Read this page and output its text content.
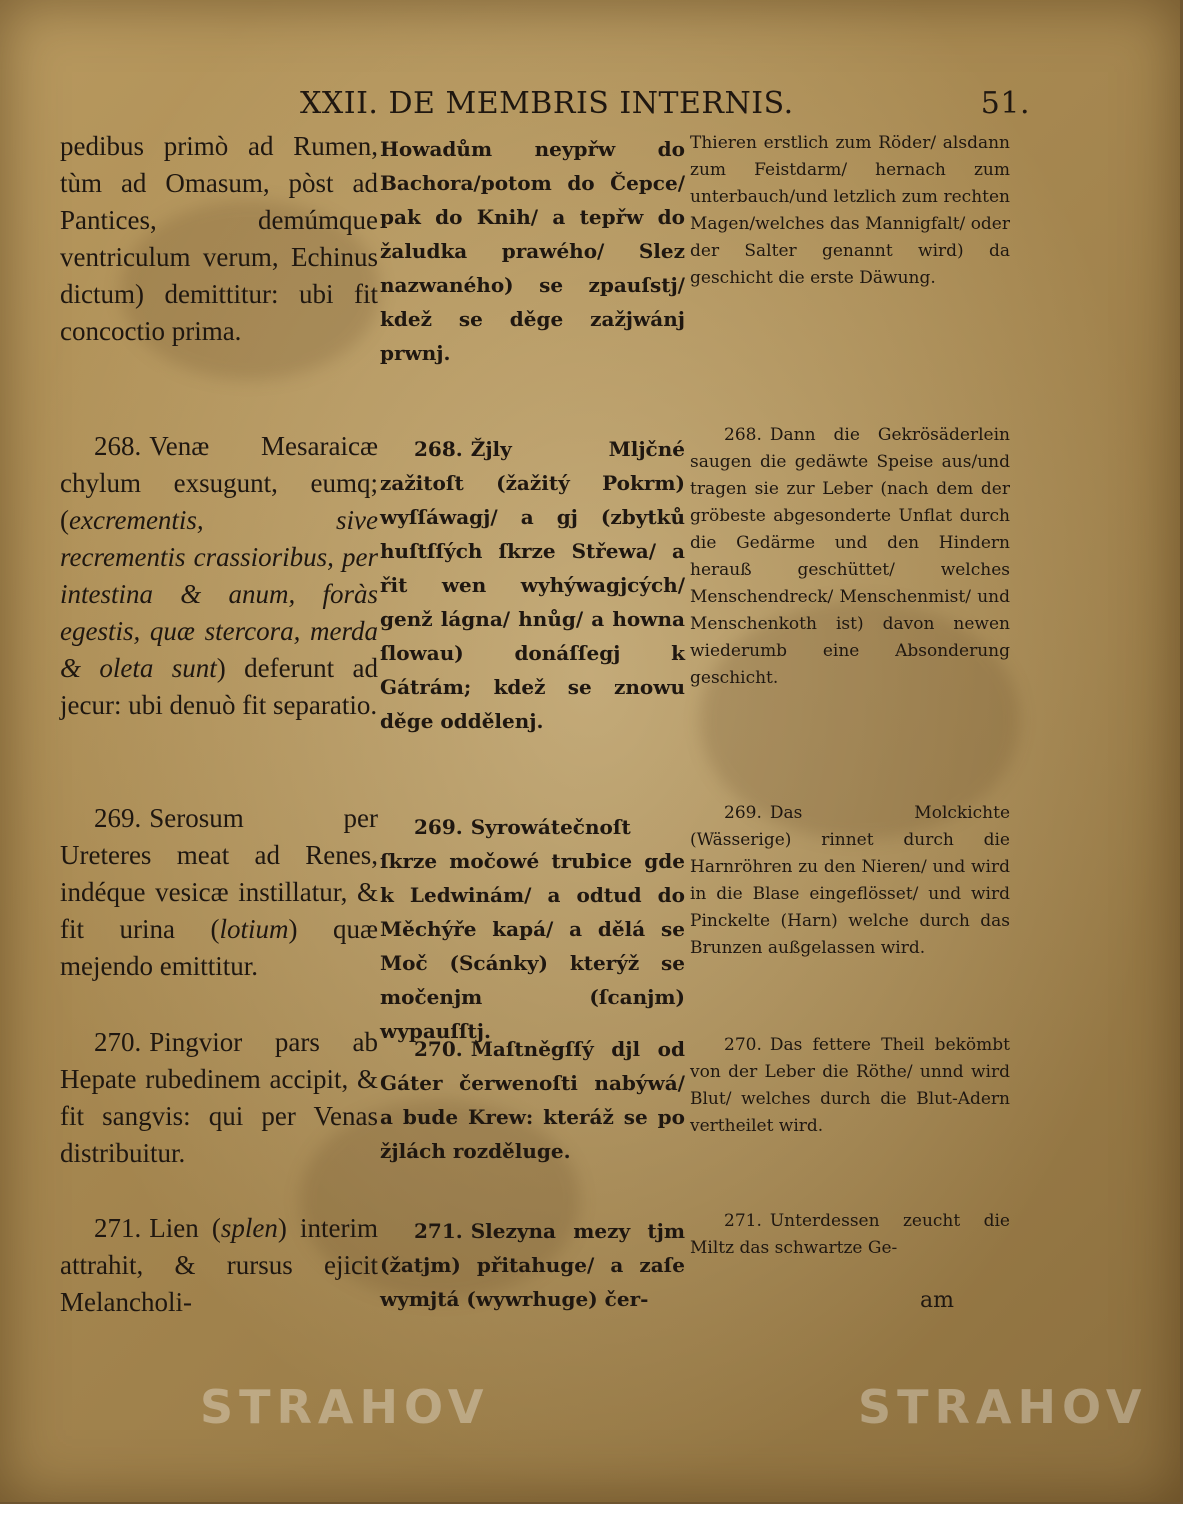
XXII. DE MEMBRIS INTERNIS.	51.

pedibus primò ad Rumen, tùm ad Omasum, pòst ad Pantices, demúmque ventriculum verum, Echinus dictum) demittitur: ubi fit concoctio prima.

268. Venæ Mesaraicæ chylum exsugunt, eumq; (excrementis, sive recrementis crassioribus, per intestina & anum, foràs egestis, quæ stercora, merda & oleta sunt) deferunt ad jecur: ubi denuò fit separatio.

269. Serosum per Ureteres meat ad Renes, indéque vesicæ instillatur, & fit urina (lotium) quæ mejendo emittitur.

270. Pingvior pars ab Hepate rubedinem accipit, & fit sangvis: qui per Venas distribuitur.

271. Lien (splen) interim attrahit, & rursus ejicit Melancholi-

Howadům neypřw do Bachora/potom do Čepce/ pak do Knih/ a tepřw do žaludka prawého/ Slez nazwaného) se zpauſstj/ kdež se děge zažjwánj prwnj.

268. Žjly Mljčné zažitoſt (žažitý Pokrm) wyſſáwagj/ a gj (zbytků huſtſſých ſkrze Střewa/ a řit wen wyhýwagjcých/ genž lágna/ hnůg/ a howna ſlowau) donáſſegj k Gátrám; kdež se znowu děge oddělenj.

269. Syrowátečnoſt ſkrze močowé trubice gde k Ledwinám/ a odtud do Měchýře kapá/ a dělá se Moč (Scánky) kterýž se močenjm (ſcanjm) wypauſſtj.

270. Maſtněgſſý djl od Gáter čerwenoſti nabýwá/ a bude Krew: kteráž se po žjlách rozděluge.

271. Slezyna mezy tjm (žatjm) přitahuge/ a zaſe wymjtá (wywrhuge) čer-

Thieren erstlich zum Röder/ alsdann zum Feistdarm/ hernach zum unterbauch/und letzlich zum rechten Magen/welches das Mannigfalt/ oder der Salter genannt wird) da geschicht die erste Däwung.

268. Dann die Gekrösäderlein saugen die gedäwte Speise aus/und tragen sie zur Leber (nach dem der gröbeste abgesonderte Unflat durch die Gedärme und den Hindern herauß geschüttet/ welches Menschendreck/ Menschenmist/ und Menschenkoth ist) davon newen wiederumb eine Absonderung geschicht.

269. Das Molckichte (Wässerige) rinnet durch die Harnröhren zu den Nieren/ und wird in die Blase eingeflösset/ und wird Pinckelte (Harn) welche durch das Brunzen außgelassen wird.

270. Das fettere Theil bekömbt von der Leber die Röthe/ unnd wird Blut/ welches durch die Blut-Adern vertheilet wird.

271. Unterdessen zeucht die Miltz das schwartze Ge-

am
STRAHOV	STRAHOV
